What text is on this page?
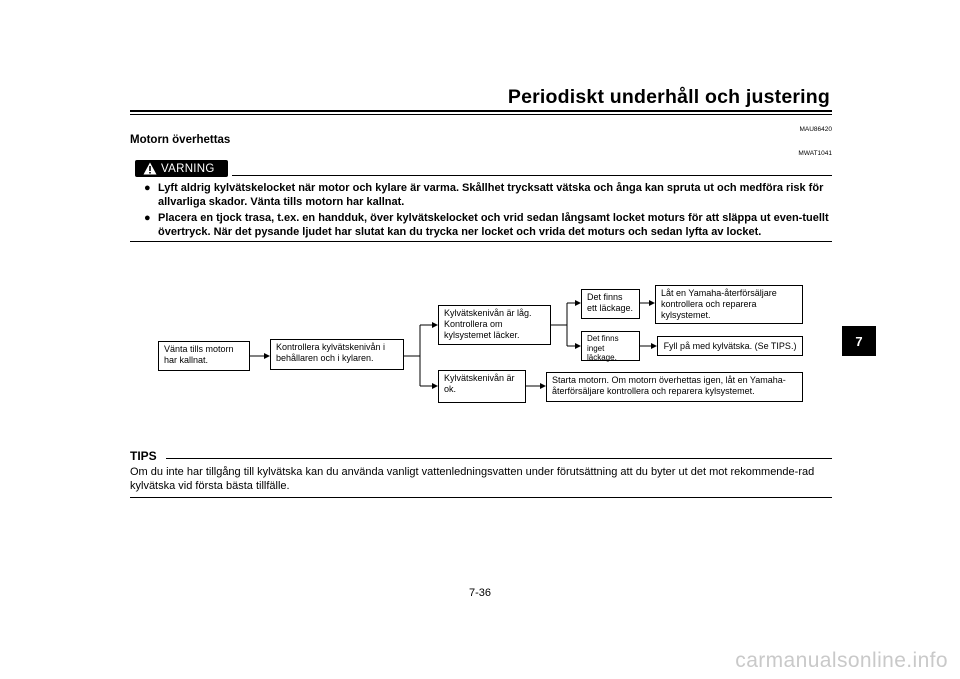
Periodiskt underhåll och justering
7
MAU86420
Motorn överhettas
MWAT1041
VARNING
● Lyft aldrig kylvätskelocket när motor och kylare är varma. Skållhet trycksatt vätska och ånga kan spruta ut och medföra risk för allvarliga skador. Vänta tills motorn har kallnat.
● Placera en tjock trasa, t.ex. en handduk, över kylvätskelocket och vrid sedan långsamt locket moturs för att släppa ut even-tuellt övertryck. När det pysande ljudet har slutat kan du trycka ner locket och vrida det moturs och sedan lyfta av locket.
Vänta tills motorn har kallnat.
Kontrollera kylvätskenivån i behållaren och i kylaren.
Kylvätskenivån är låg. Kontrollera om kylsystemet läcker.
Kylvätskenivån är ok.
Det finns ett läckage.
Det finns inget läckage.
Låt en Yamaha-återförsäljare kontrollera och reparera kylsystemet.
Fyll på med kylvätska. (Se TIPS.)
Starta motorn. Om motorn överhettas igen, låt en Yamaha-återförsäljare kontrollera och reparera kylsystemet.
TIPS
Om du inte har tillgång till kylvätska kan du använda vanligt vattenledningsvatten under förutsättning att du byter ut det mot rekommende-rad kylvätska vid första bästa tillfälle.
7-36
carmanualsonline.info
